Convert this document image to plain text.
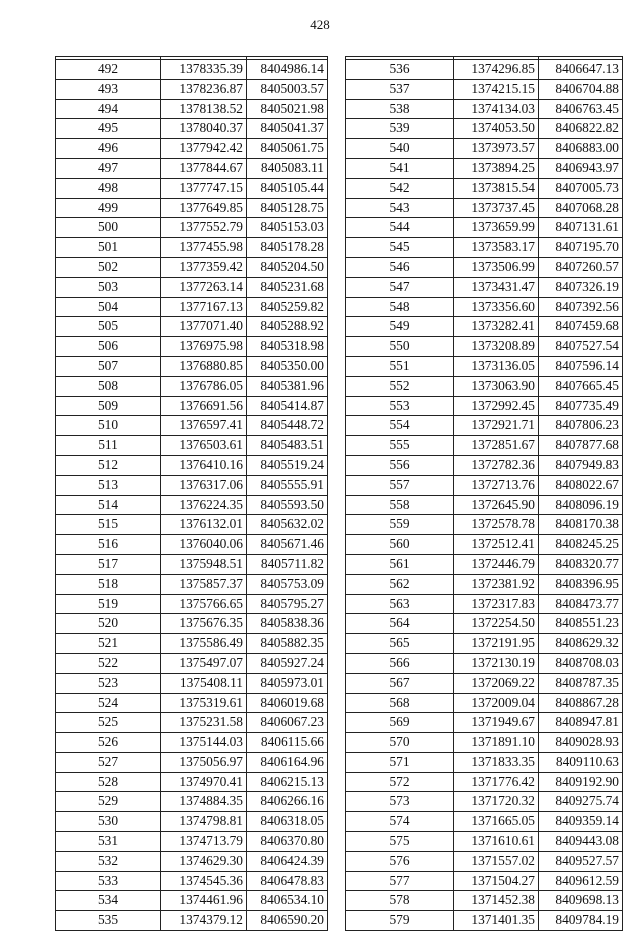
428

492	1378335.39	8404986.14
493	1378236.87	8405003.57
494	1378138.52	8405021.98
495	1378040.37	8405041.37
496	1377942.42	8405061.75
497	1377844.67	8405083.11
498	1377747.15	8405105.44
499	1377649.85	8405128.75
500	1377552.79	8405153.03
501	1377455.98	8405178.28
502	1377359.42	8405204.50
503	1377263.14	8405231.68
504	1377167.13	8405259.82
505	1377071.40	8405288.92
506	1376975.98	8405318.98
507	1376880.85	8405350.00
508	1376786.05	8405381.96
509	1376691.56	8405414.87
510	1376597.41	8405448.72
511	1376503.61	8405483.51
512	1376410.16	8405519.24
513	1376317.06	8405555.91
514	1376224.35	8405593.50
515	1376132.01	8405632.02
516	1376040.06	8405671.46
517	1375948.51	8405711.82
518	1375857.37	8405753.09
519	1375766.65	8405795.27
520	1375676.35	8405838.36
521	1375586.49	8405882.35
522	1375497.07	8405927.24
523	1375408.11	8405973.01
524	1375319.61	8406019.68
525	1375231.58	8406067.23
526	1375144.03	8406115.66
527	1375056.97	8406164.96
528	1374970.41	8406215.13
529	1374884.35	8406266.16
530	1374798.81	8406318.05
531	1374713.79	8406370.80
532	1374629.30	8406424.39
533	1374545.36	8406478.83
534	1374461.96	8406534.10
535	1374379.12	8406590.20

536	1374296.85	8406647.13
537	1374215.15	8406704.88
538	1374134.03	8406763.45
539	1374053.50	8406822.82
540	1373973.57	8406883.00
541	1373894.25	8406943.97
542	1373815.54	8407005.73
543	1373737.45	8407068.28
544	1373659.99	8407131.61
545	1373583.17	8407195.70
546	1373506.99	8407260.57
547	1373431.47	8407326.19
548	1373356.60	8407392.56
549	1373282.41	8407459.68
550	1373208.89	8407527.54
551	1373136.05	8407596.14
552	1373063.90	8407665.45
553	1372992.45	8407735.49
554	1372921.71	8407806.23
555	1372851.67	8407877.68
556	1372782.36	8407949.83
557	1372713.76	8408022.67
558	1372645.90	8408096.19
559	1372578.78	8408170.38
560	1372512.41	8408245.25
561	1372446.79	8408320.77
562	1372381.92	8408396.95
563	1372317.83	8408473.77
564	1372254.50	8408551.23
565	1372191.95	8408629.32
566	1372130.19	8408708.03
567	1372069.22	8408787.35
568	1372009.04	8408867.28
569	1371949.67	8408947.81
570	1371891.10	8409028.93
571	1371833.35	8409110.63
572	1371776.42	8409192.90
573	1371720.32	8409275.74
574	1371665.05	8409359.14
575	1371610.61	8409443.08
576	1371557.02	8409527.57
577	1371504.27	8409612.59
578	1371452.38	8409698.13
579	1371401.35	8409784.19
